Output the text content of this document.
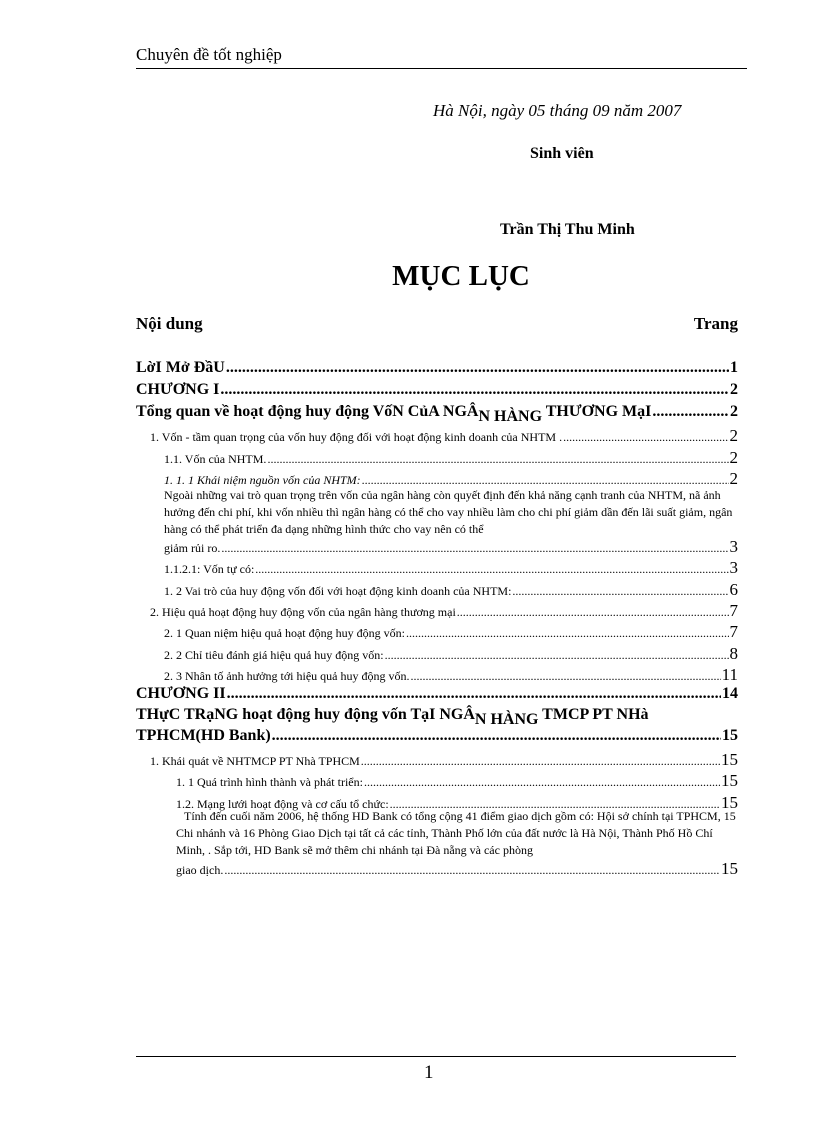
Chuyên đề tốt nghiệp
Hà Nội, ngày 05 tháng 09 năm 2007
Sinh viên
Trần Thị Thu Minh
MỤC LỤC
Nội dung	Trang
LờI Mở ĐầU .....	1
CHƯƠNG I .....	2
Tổng quan về hoạt động huy động VốN CủA NGÂN HÀNG THƯƠNG MạI .....	2
1. Vốn - tầm quan trọng của vốn huy động đối với hoạt động kinh doanh của NHTM . .....	2
1.1. Vốn của NHTM. .....	2
1. 1. 1 Khái niệm nguồn vốn của NHTM: .....	2
Ngoài những vai trò quan trọng trên vốn của ngân hàng còn quyết định đến khả năng cạnh tranh của NHTM, nã ảnh hưởng đến chi phí, khi vốn nhiều thì ngân hàng có thể cho vay nhiều làm cho chi phí giảm dần đến lãi suất giảm, ngân hàng có thể phát triển đa dạng những hình thức cho vay nên có thể
giảm rủi ro. .....	3
1.1.2.1: Vốn tự có: .....	3
1. 2 Vai trò của huy động vốn đối với hoạt động kinh doanh của NHTM: .....	6
2. Hiệu quả hoạt động huy động vốn của ngân hàng thương mại .....	7
2. 1 Quan niệm hiệu quả hoạt động huy động vốn: .....	7
2. 2 Chỉ tiêu đánh giá hiệu quả huy động vốn: .....	8
2. 3 Nhân tố ảnh hưởng tới hiệu quả huy động vốn. .....	11
CHƯƠNG II .....	14
THựC TRạNG hoạt động huy động vốn TạI NGÂN HÀNG TMCP PT NHà
TPHCM(HD Bank) .....	15
1. Khái quát về NHTMCP PT Nhà TPHCM .....	15
1. 1 Quá trình hình thành và phát triển: .....	15
1.2. Mạng lưới hoạt động và cơ cấu tổ chức: .....	15
Tính đến cuối năm 2006, hệ thống HD Bank có tổng cộng 41 điểm giao dịch gồm có: Hội sở chính tại TPHCM, 15 Chi nhánh và 16 Phòng Giao Dịch tại tất cả các tỉnh, Thành Phố lớn của đất nước là Hà Nội, Thành Phố Hồ Chí Minh, . Sắp tới, HD Bank sẽ mở thêm chi nhánh tại Đà nẵng và các phòng
giao dịch. .....	15
1
